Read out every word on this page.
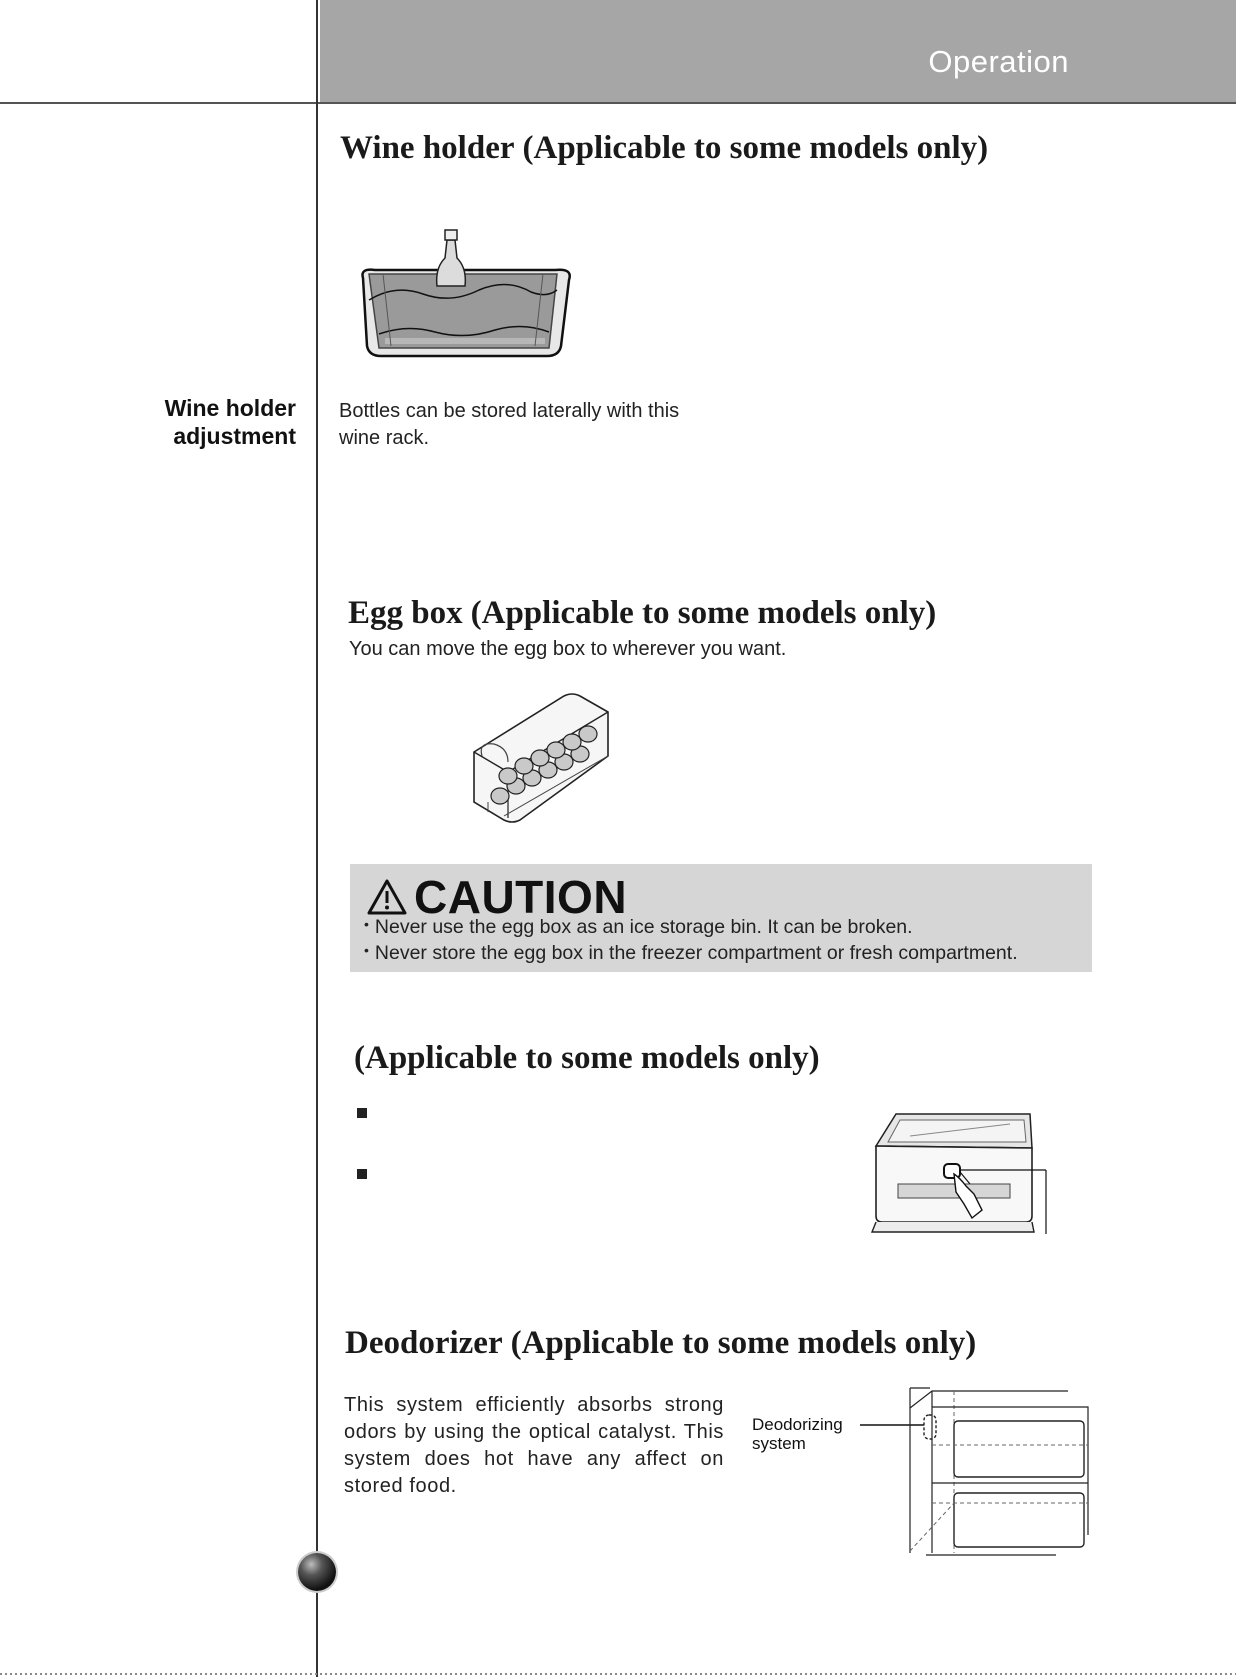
Operation
Wine holder
adjustment
Wine holder (Applicable to some models only)
Bottles can be stored laterally with this
wine rack.
Egg box (Applicable to some models only)
You can move the egg box to wherever you want.
CAUTION
• Never use the egg box as an ice storage bin. It can be broken.
• Never store the egg box in the freezer compartment or fresh compartment.
(Applicable to some models only)
Deodorizer (Applicable to some models only)
This system efficiently absorbs strong odors by using the optical catalyst. This system does hot have any affect on stored food.
Deodorizing
system
